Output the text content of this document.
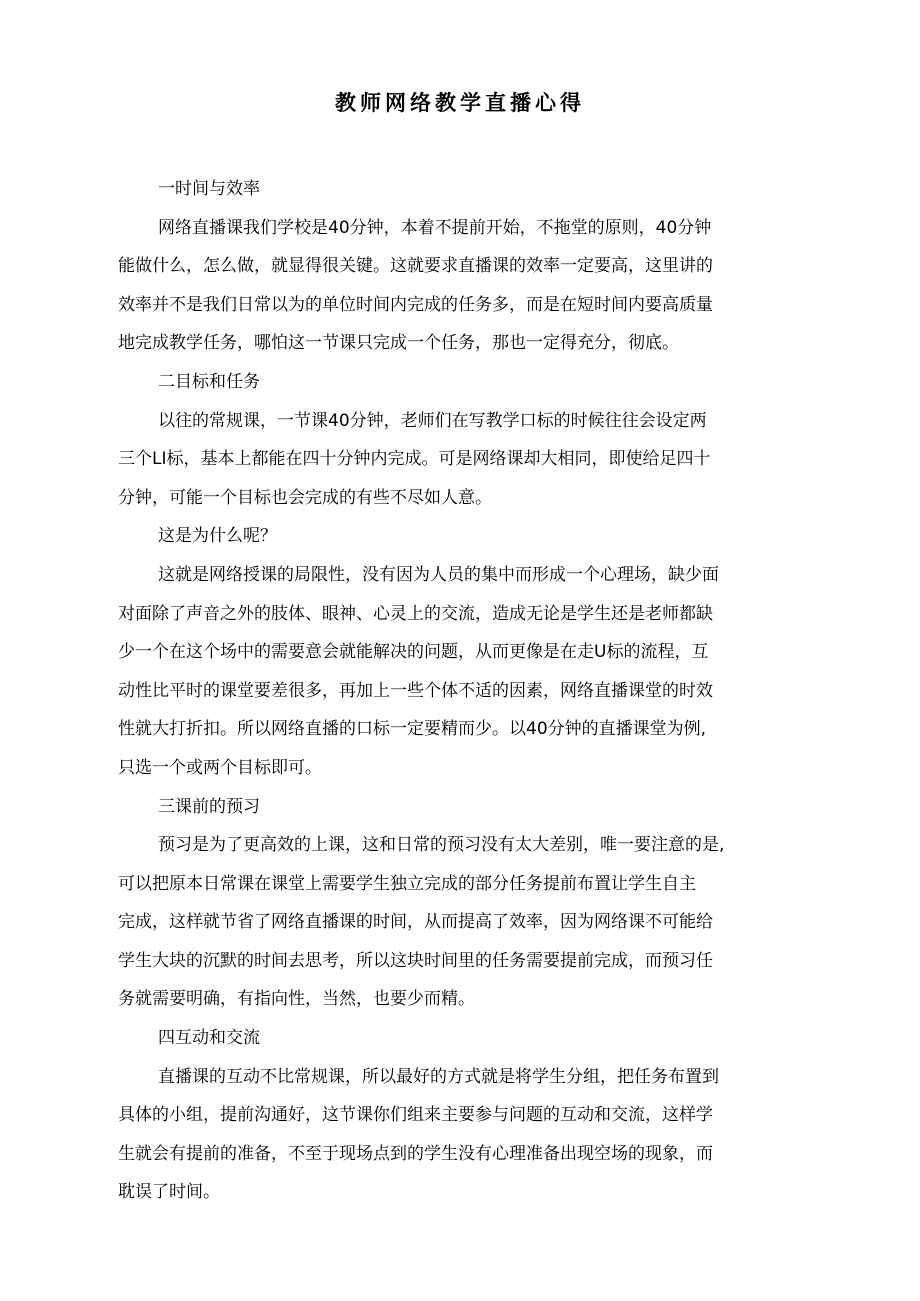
教师网络教学直播心得
一时间与效率
网络直播课我们学校是40分钟，本着不提前开始，不拖堂的原则，40分钟
能做什么，怎么做，就显得很关键。这就要求直播课的效率一定要高，这里讲的
效率并不是我们日常以为的单位时间内完成的任务多，而是在短时间内要高质量
地完成教学任务，哪怕这一节课只完成一个任务，那也一定得充分，彻底。
二目标和任务
以往的常规课，一节课40分钟，老师们在写教学口标的时候往往会设定两
三个LI标，基本上都能在四十分钟内完成。可是网络课却大相同，即使给足四十
分钟，可能一个目标也会完成的有些不尽如人意。
这是为什么呢？
这就是网络授课的局限性，没有因为人员的集中而形成一个心理场，缺少面
对面除了声音之外的肢体、眼神、心灵上的交流，造成无论是学生还是老师都缺
少一个在这个场中的需要意会就能解决的问题，从而更像是在走U标的流程，互
动性比平时的课堂要差很多，再加上一些个体不适的因素，网络直播课堂的时效
性就大打折扣。所以网络直播的口标一定要精而少。以40分钟的直播课堂为例,
只选一个或两个目标即可。
三课前的预习
预习是为了更高效的上课，这和日常的预习没有太大差别，唯一要注意的是,
可以把原本日常课在课堂上需要学生独立完成的部分任务提前布置让学生自主
完成，这样就节省了网络直播课的时间，从而提高了效率，因为网络课不可能给
学生大块的沉默的时间去思考，所以这块时间里的任务需要提前完成，而预习任
务就需要明确，有指向性，当然，也要少而精。
四互动和交流
直播课的互动不比常规课，所以最好的方式就是将学生分组，把任务布置到
具体的小组，提前沟通好，这节课你们组来主要参与问题的互动和交流，这样学
生就会有提前的准备，不至于现场点到的学生没有心理准备出现空场的现象，而
耽误了时间。
